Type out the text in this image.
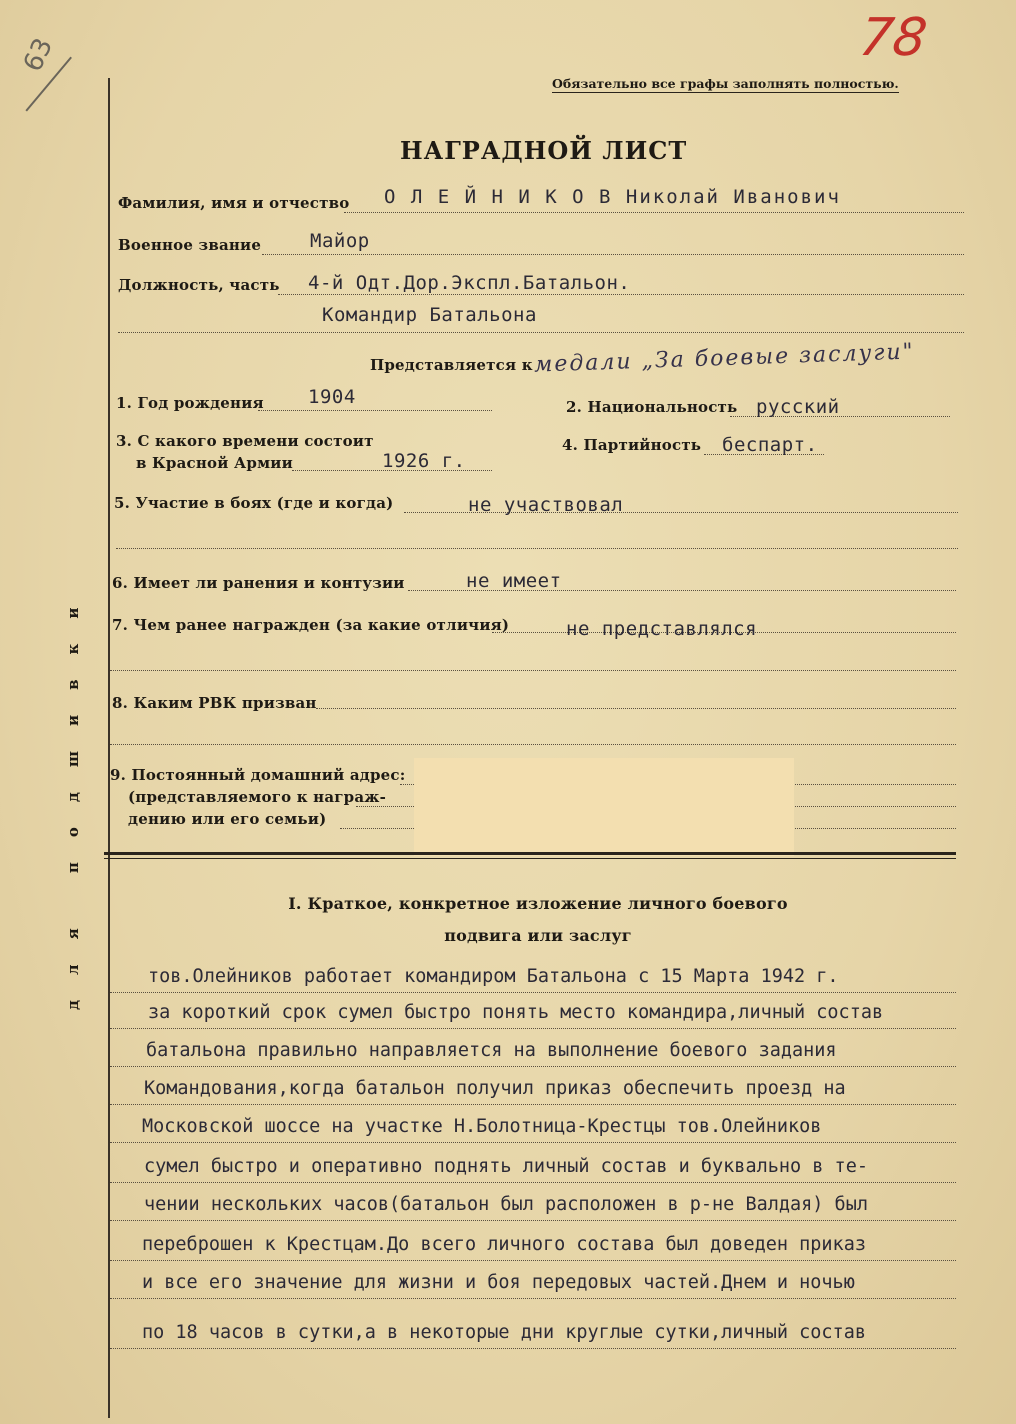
63	78
Обязательно все графы заполнять полностью.
НАГРАДНОЙ ЛИСТ
Фамилия, имя и отчество О Л Е Й Н И К О В Николай Иванович
Военное звание	Майор
Должность, часть 4-й Одт.Дор.Экспл.Батальон.
Командир Батальона
Представляется к медали „За боевые заслуги"
1. Год рождения 1904	2. Национальность русский
3. С какого времени состоит
в Красной Армии	1926 г.
4. Партийность беспарт.
5. Участие в боях (где и когда)	не участвовал
6. Имеет ли ранения и контузии	не имеет
7. Чем ранее награжден (за какие отличия)	не представлялся
8. Каким РВК призван
9. Постоянный домашний адрес:
(представляемого к награж-
дению или его семьи)
I. Краткое, конкретное изложение личного боевого
подвига или заслуг
тов.Олейников работает командиром Батальона с 15 Марта 1942 г.
за короткий срок сумел быстро понять место командира,личный состав
батальона правильно направляется на выполнение боевого задания
Командования,когда батальон получил приказ обеспечить проезд на
Московской шоссе на участке Н.Болотница-Крестцы тов.Олейников
сумел быстро и оперативно поднять личный состав и буквально в те-
чении нескольких часов(батальон был расположен в р-не Валдая) был
переброшен к Крестцам.До всего личного состава был доведен приказ
и все его значение для жизни и боя передовых частей.Днем и ночью
по 18 часов в сутки,а в некоторые дни круглые сутки,личный состав
для подшивки
